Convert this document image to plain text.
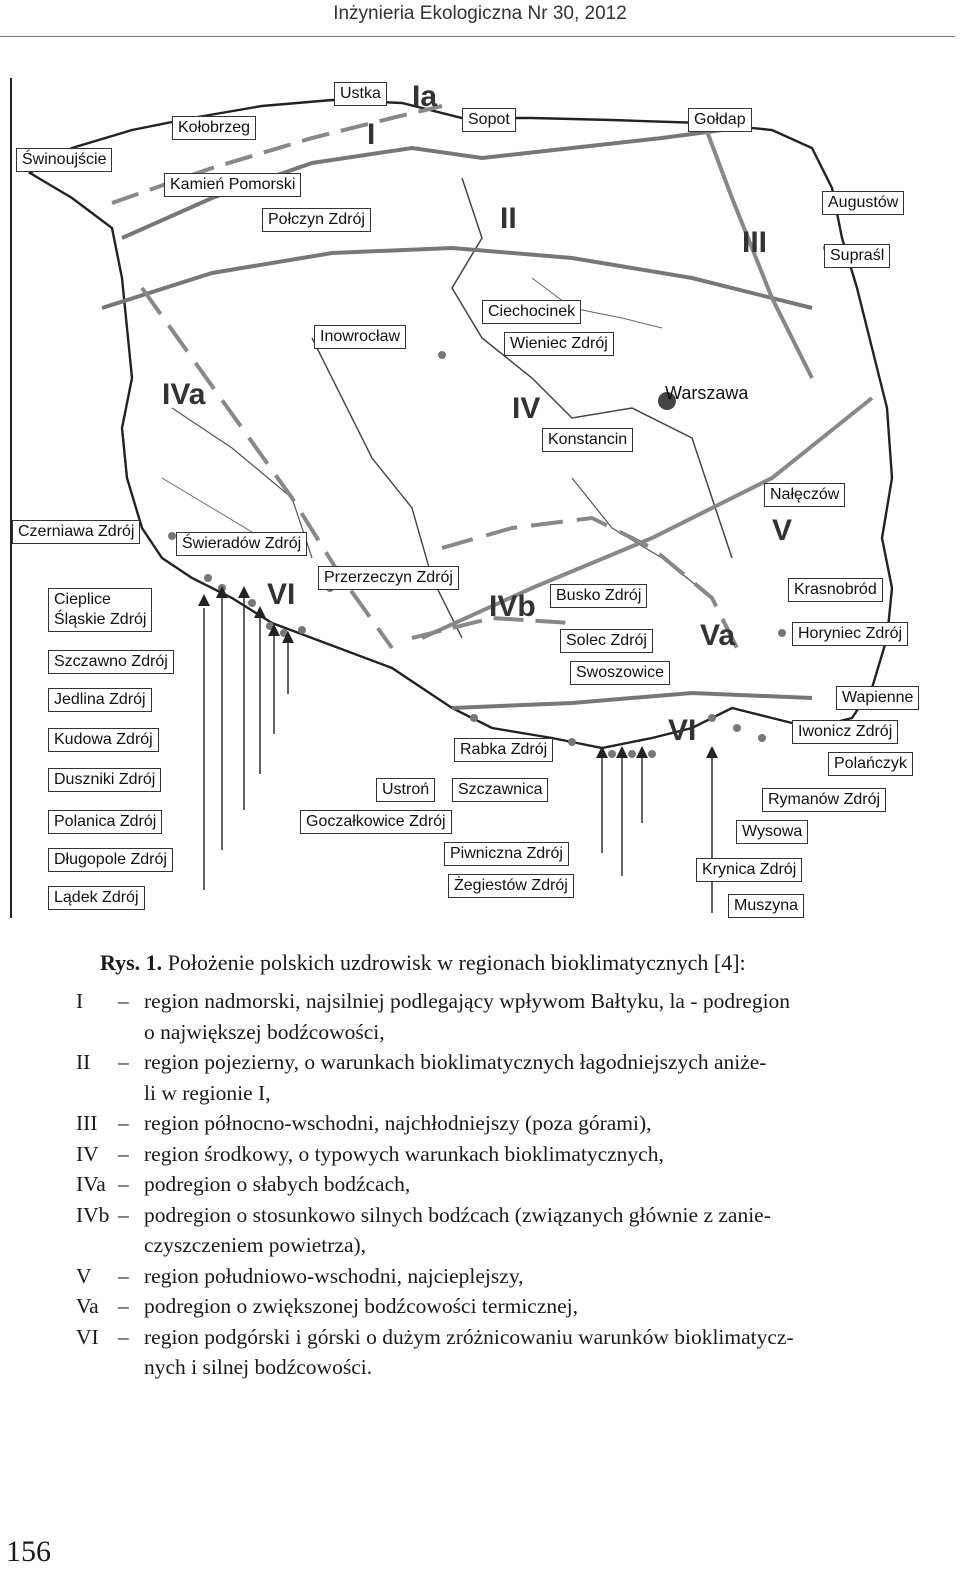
Inżynieria Ekologiczna Nr 30, 2012
Ia
I
II
III
IVa	IV
V
VI	IVb
Va
VI
Ustka
Kołobrzeg
Świnoujście
Kamień Pomorski
Połczyn Zdrój
Sopot	Gołdap
Augustów
Supraśl
Ciechocinek
Wieniec Zdrój
Inowrocław
Warszawa
Konstancin
Nałęczów
Czerniawa Zdrój
Świeradów Zdrój
Przerzeczyn Zdrój
Cieplice
Śląskie Zdrój
Busko Zdrój	Krasnobród
Solec Zdrój	Horyniec Zdrój
Szczawno Zdrój
Swoszowice
Jedlina Zdrój	Wapienne
Iwonicz Zdrój
Kudowa Zdrój
Rabka Zdrój
Polańczyk
Duszniki Zdrój
Ustroń	Szczawnica
Rymanów Zdrój
Polanica Zdrój	Goczałkowice Zdrój
Wysowa
Piwniczna Zdrój
Długopole Zdrój
Krynica Zdrój
Żegiestów Zdrój
Lądek Zdrój	Muszyna
Rys. 1. Położenie polskich uzdrowisk w regionach bioklimatycznych [4]:
I	– region nadmorski, najsilniej podlegający wpływom Bałtyku, la - podregion
o największej bodźcowości,
II	– region pojezierny, o warunkach bioklimatycznych łagodniejszych aniże-
li w regionie I,
III – region północno-wschodni, najchłodniejszy (poza górami),
IV – region środkowy, o typowych warunkach bioklimatycznych,
IVa – podregion o słabych bodźcach,
IVb – podregion o stosunkowo silnych bodźcach (związanych głównie z zanie-
czyszczeniem powietrza),
V	– region południowo-wschodni, najcieplejszy,
Va – podregion o zwiększonej bodźcowości termicznej,
VI – region podgórski i górski o dużym zróżnicowaniu warunków bioklimatycz-
nych i silnej bodźcowości.
156
